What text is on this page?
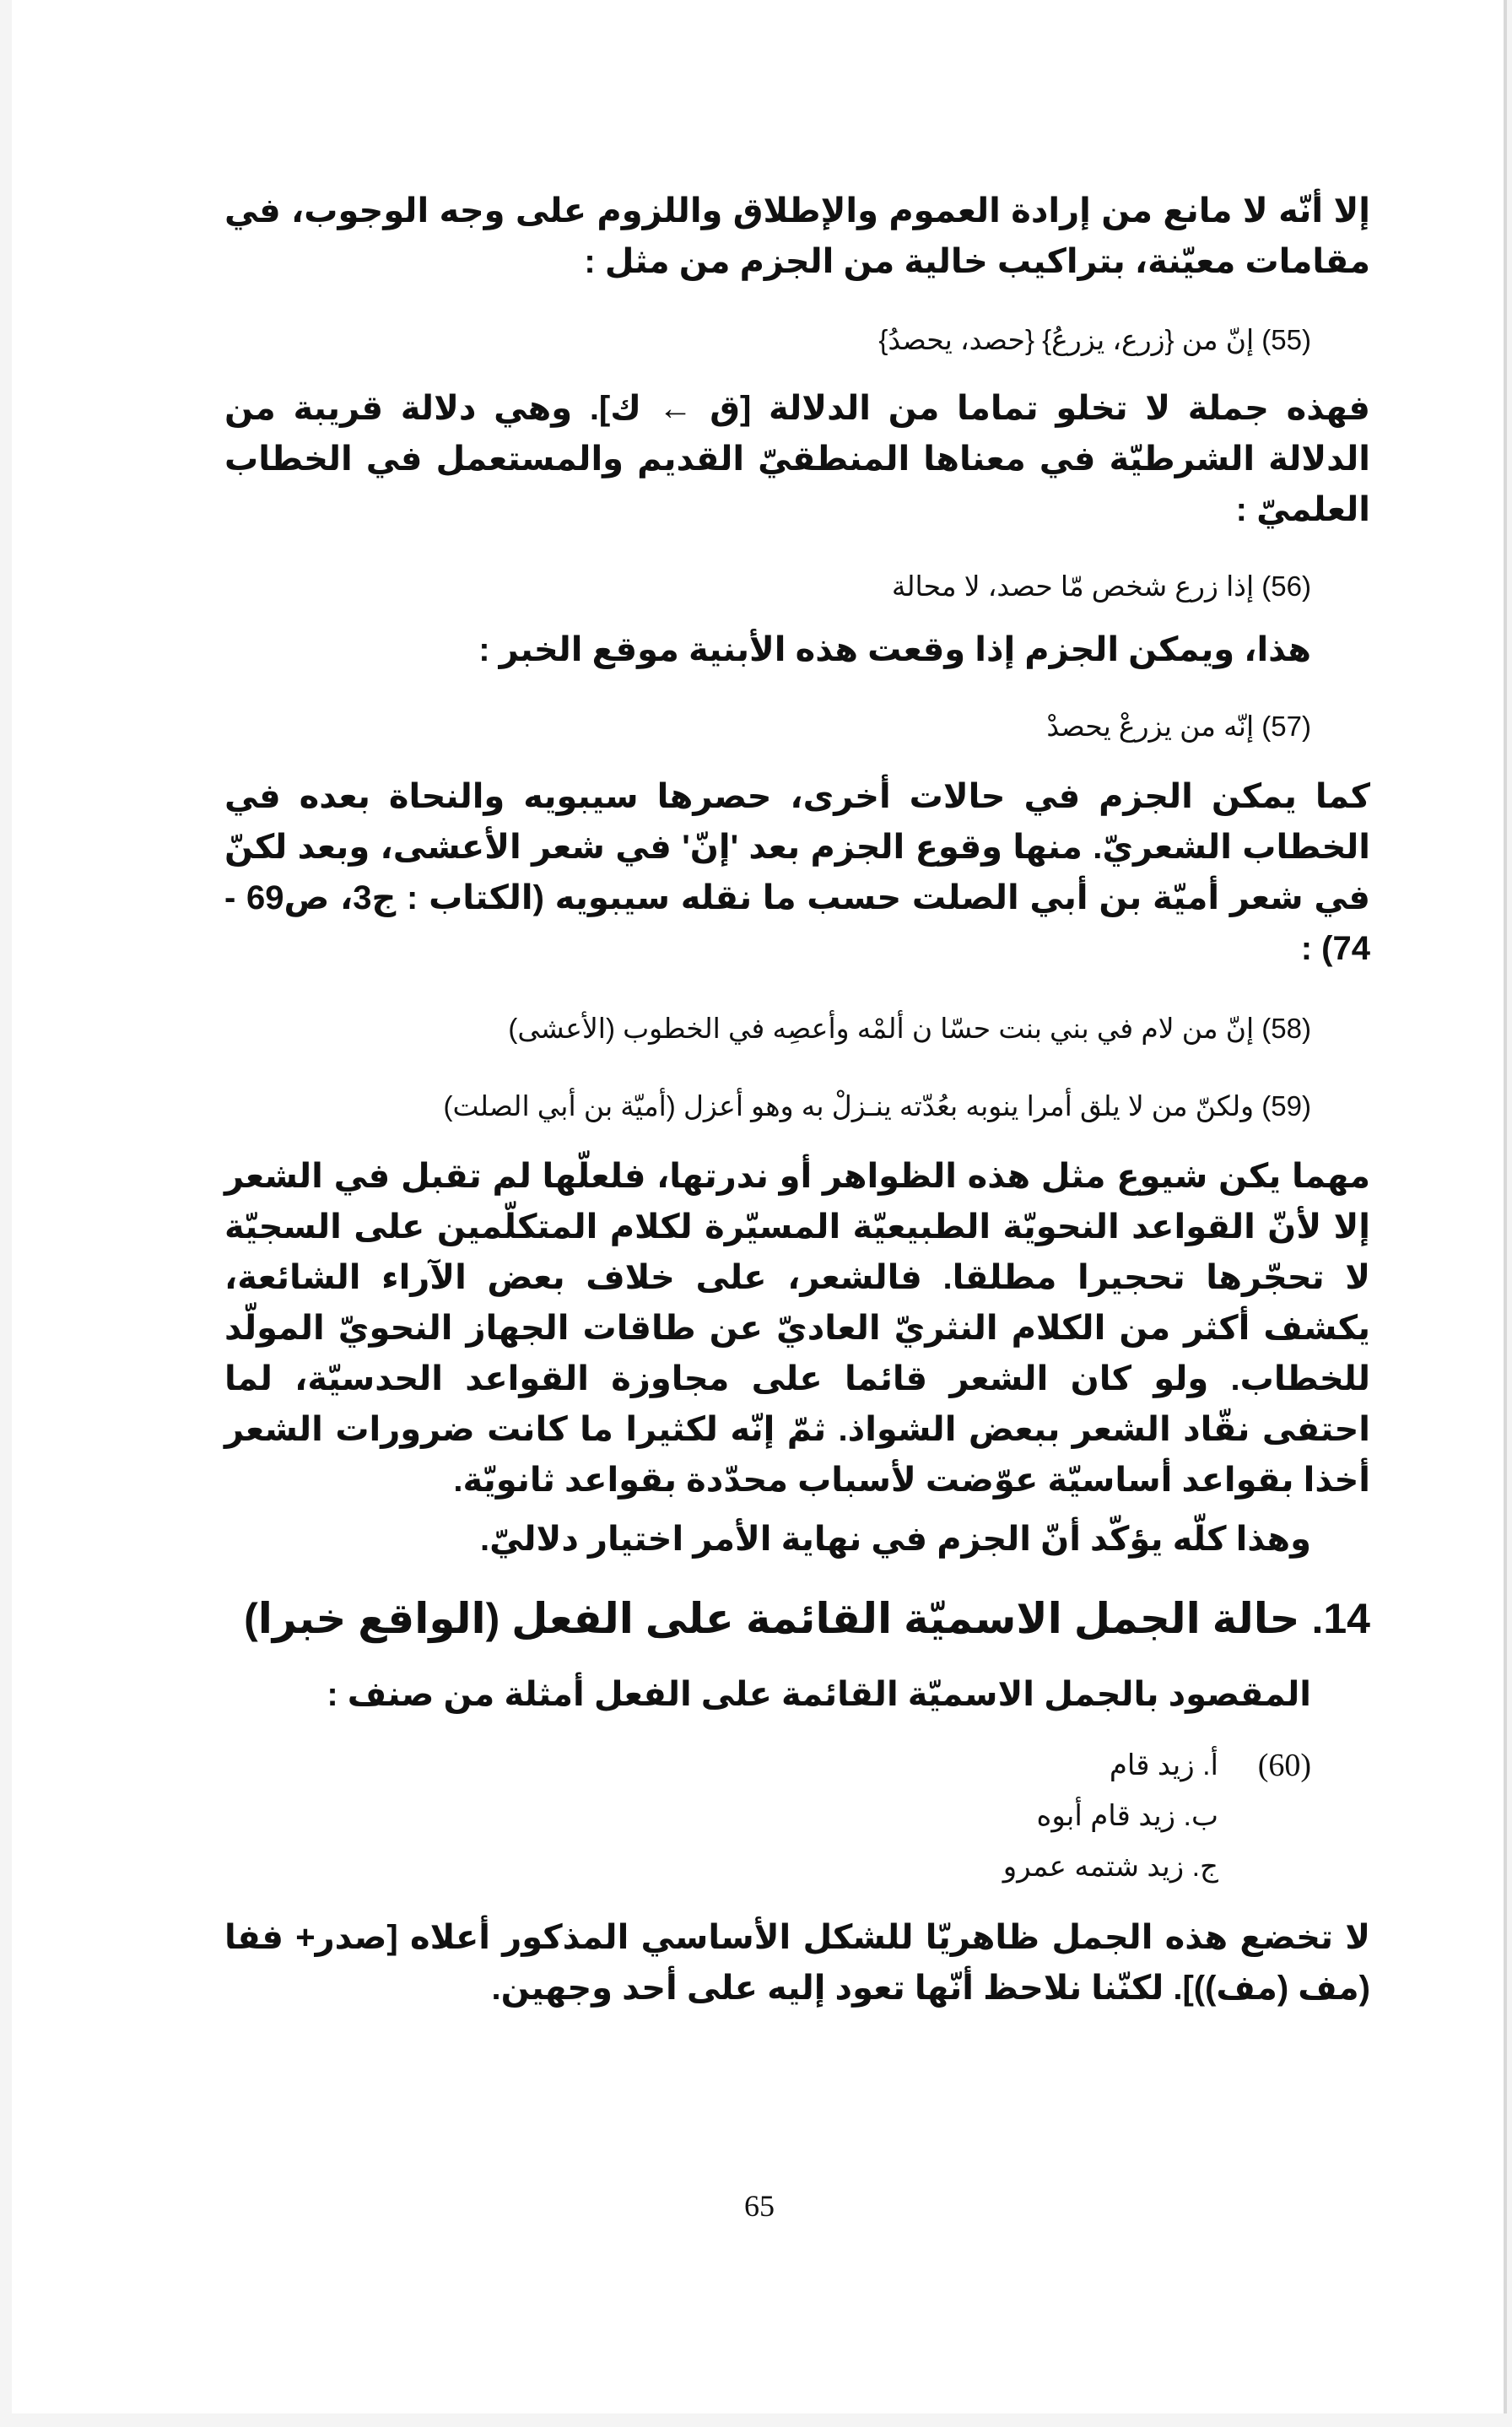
إلا أنّه لا مانع من إرادة العموم والإطلاق واللزوم على وجه الوجوب، في مقامات معيّنة، بتراكيب خالية من الجزم من مثل :

(55) إنّ من {زرع، يزرعُ} {حصد، يحصدُ}

فهذه جملة لا تخلو تماما من الدلالة [ق ← ك]. وهي دلالة قريبة من الدلالة الشرطيّة في معناها المنطقيّ القديم والمستعمل في الخطاب العلميّ :

(56) إذا زرع شخص مّا حصد، لا محالة

هذا، ويمكن الجزم إذا وقعت هذه الأبنية موقع الخبر :

(57) إنّه من يزرعْ يحصدْ

كما يمكن الجزم في حالات أخرى، حصرها سيبويه والنحاة بعده في الخطاب الشعريّ. منها وقوع الجزم بعد 'إنّ' في شعر الأعشى، وبعد لكنّ في شعر أميّة بن أبي الصلت حسب ما نقله سيبويه (الكتاب : ج3، ص69 - 74) :

(58) إنّ من لام في بني بنت حسّا ن ألمْه وأعصِه في الخطوب (الأعشى)

(59) ولكنّ من لا يلق أمرا ينوبه بعُدّته ينـزلْ به وهو أعزل (أميّة بن أبي الصلت)

مهما يكن شيوع مثل هذه الظواهر أو ندرتها، فلعلّها لم تقبل في الشعر إلا لأنّ القواعد النحويّة الطبيعيّة المسيّرة لكلام المتكلّمين على السجيّة لا تحجّرها تحجيرا مطلقا. فالشعر، على خلاف بعض الآراء الشائعة، يكشف أكثر من الكلام النثريّ العاديّ عن طاقات الجهاز النحويّ المولّد للخطاب. ولو كان الشعر قائما على مجاوزة القواعد الحدسيّة، لما احتفى نقّاد الشعر ببعض الشواذ. ثمّ إنّه لكثيرا ما كانت ضرورات الشعر أخذا بقواعد أساسيّة عوّضت لأسباب محدّدة بقواعد ثانويّة.

وهذا كلّه يؤكّد أنّ الجزم في نهاية الأمر اختيار دلاليّ.

14. حالة الجمل الاسميّة القائمة على الفعل (الواقع خبرا)

المقصود بالجمل الاسميّة القائمة على الفعل أمثلة من صنف :

(60)
أ. زيد قام
ب. زيد قام أبوه
ج. زيد شتمه عمرو

لا تخضع هذه الجمل ظاهريّا للشكل الأساسي المذكور أعلاه [صدر+ ففا (مف (مف))]. لكنّنا نلاحظ أنّها تعود إليه على أحد وجهين.

65
